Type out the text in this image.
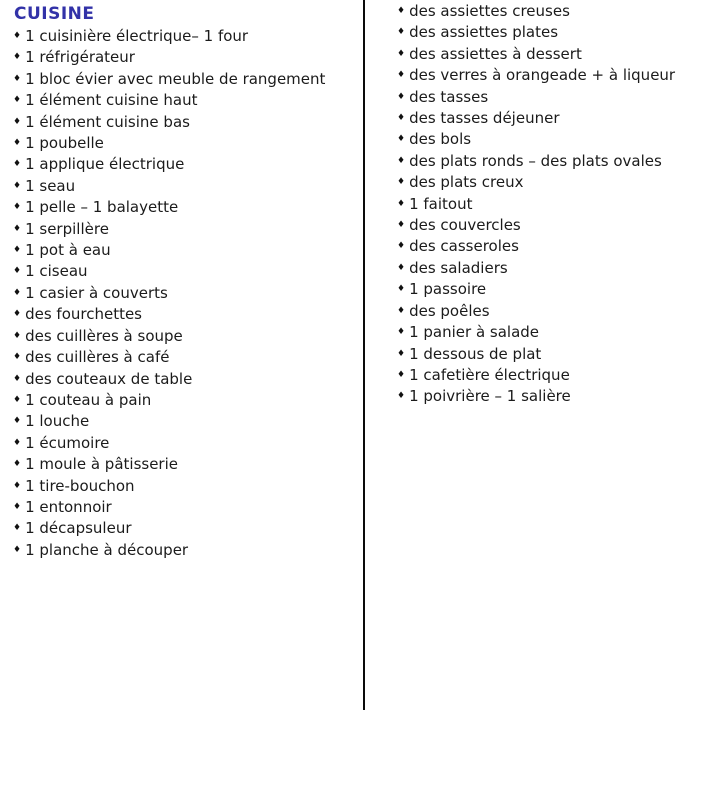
CUISINE
♦ 1 cuisinière électrique– 1 four
♦ 1 réfrigérateur
♦ 1 bloc évier avec meuble de rangement
♦ 1 élément cuisine haut
♦ 1 élément cuisine bas
♦ 1 poubelle
♦ 1 applique électrique
♦ 1 seau
♦ 1 pelle – 1 balayette
♦ 1 serpillère
♦ 1 pot à eau
♦ 1 ciseau
♦ 1 casier à couverts
♦ des fourchettes
♦ des cuillères à soupe
♦ des cuillères à café
♦ des couteaux de table
♦ 1 couteau à pain
♦ 1 louche
♦ 1 écumoire
♦ 1 moule à pâtisserie
♦ 1 tire-bouchon
♦ 1 entonnoir
♦ 1 décapsuleur
♦ 1 planche à découper
♦ des assiettes creuses
♦ des assiettes plates
♦ des assiettes à dessert
♦ des verres à orangeade + à liqueur
♦ des tasses
♦ des tasses déjeuner
♦ des bols
♦ des plats ronds – des plats ovales
♦ des plats creux
♦ 1 faitout
♦ des couvercles
♦ des casseroles
♦ des saladiers
♦ 1 passoire
♦ des poêles
♦ 1 panier à salade
♦ 1 dessous de plat
♦ 1 cafetière électrique
♦ 1 poivrière – 1 salière
